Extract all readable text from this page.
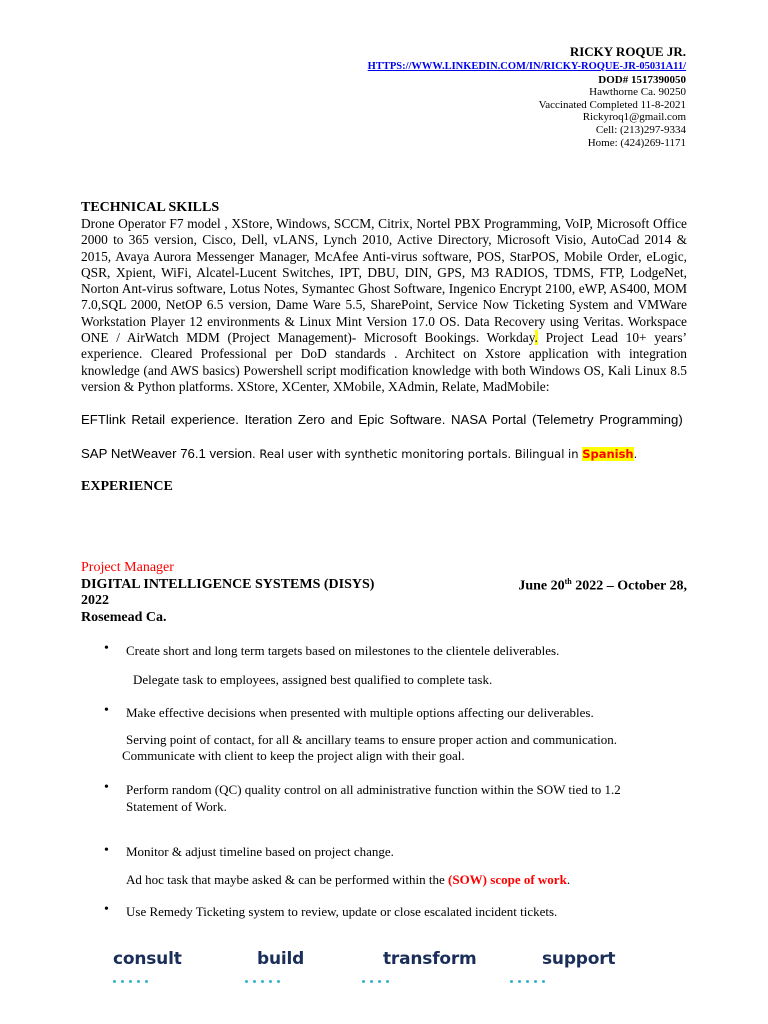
RICKY ROQUE JR.
HTTPS://WWW.LINKEDIN.COM/IN/RICKY-ROQUE-JR-05031A11/
DOD# 1517390050
Hawthorne Ca. 90250
Vaccinated Completed 11-8-2021
Rickyroq1@gmail.com
Cell: (213)297-9334
Home: (424)269-1171
TECHNICAL SKILLS
Drone Operator F7 model , XStore, Windows, SCCM, Citrix, Nortel PBX Programming, VoIP, Microsoft Office 2000 to 365 version, Cisco, Dell, vLANS, Lynch 2010, Active Directory, Microsoft Visio, AutoCad 2014 & 2015, Avaya Aurora Messenger Manager, McAfee Anti-virus software, POS, StarPOS, Mobile Order, eLogic, QSR, Xpient, WiFi, Alcatel-Lucent Switches, IPT, DBU, DIN, GPS, M3 RADIOS, TDMS, FTP, LodgeNet, Norton Ant-virus software, Lotus Notes, Symantec Ghost Software, Ingenico Encrypt 2100, eWP, AS400, MOM 7.0,SQL 2000, NetOP 6.5 version, Dame Ware 5.5, SharePoint, Service Now Ticketing System and VMWare Workstation Player 12 environments & Linux Mint Version 17.0 OS. Data Recovery using Veritas. Workspace ONE / AirWatch MDM (Project Management)- Microsoft Bookings. Workday. Project Lead 10+ years’ experience. Cleared Professional per DoD standards . Architect on Xstore application with integration knowledge (and AWS basics) Powershell script modification knowledge with both Windows OS, Kali Linux 8.5 version & Python platforms. XStore, XCenter, XMobile, XAdmin, Relate, MadMobile:
EFTlink Retail experience. Iteration Zero and Epic Software. NASA Portal (Telemetry Programming)
SAP NetWeaver 76.1 version. Real user with synthetic monitoring portals. Bilingual in Spanish.
EXPERIENCE
Project Manager
DIGITAL INTELLIGENCE SYSTEMS (DISYS)	June 20th 2022 – October 28,
2022
Rosemead Ca.
• Create short and long term targets based on milestones to the clientele deliverables.
Delegate task to employees, assigned best qualified to complete task.
• Make effective decisions when presented with multiple options affecting our deliverables.
Serving point of contact, for all & ancillary teams to ensure proper action and communication.
Communicate with client to keep the project align with their goal.
• Perform random (QC) quality control on all administrative function within the SOW tied to 1.2 Statement of Work.
• Monitor & adjust timeline based on project change.
Ad hoc task that maybe asked & can be performed within the (SOW) scope of work.
• Use Remedy Ticketing system to review, update or close escalated incident tickets.
consult	build	transform	support
